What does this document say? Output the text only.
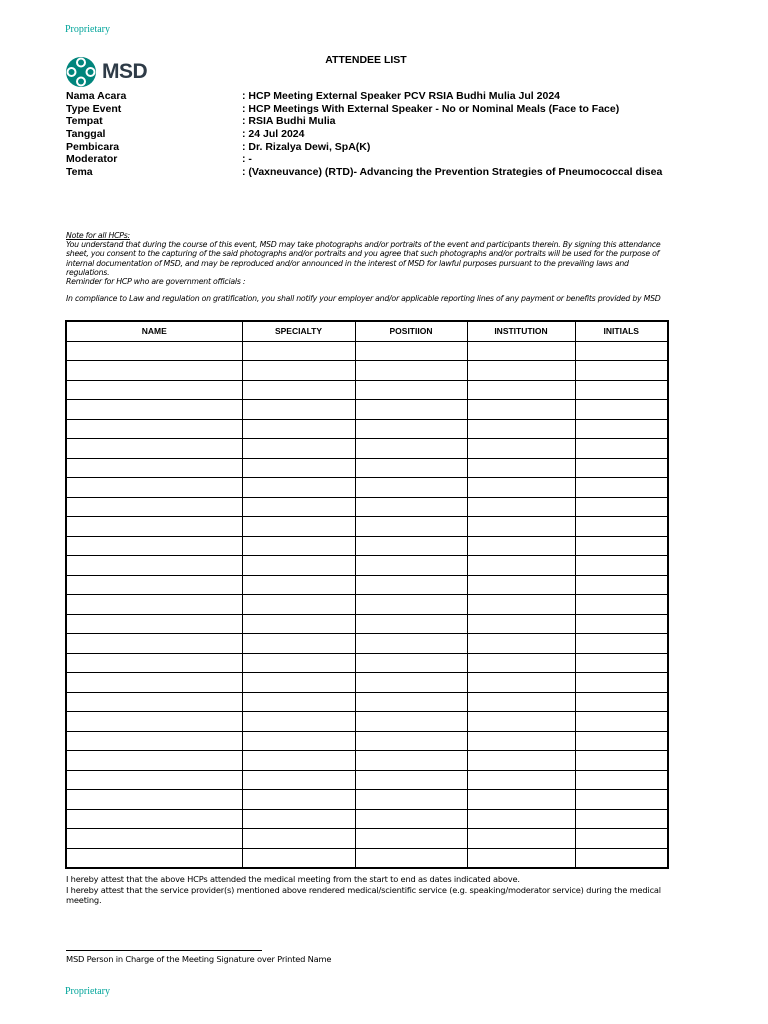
Proprietary
MSD	ATTENDEE LIST
Nama Acara	: HCP Meeting External Speaker PCV RSIA Budhi Mulia Jul 2024
Type Event	: HCP Meetings With External Speaker - No or Nominal Meals (Face to Face)
Tempat	: RSIA Budhi Mulia
Tanggal	: 24 Jul 2024
Pembicara	: Dr. Rizalya Dewi, SpA(K)
Moderator	: -
Tema	: (Vaxneuvance) (RTD)- Advancing the Prevention Strategies of Pneumococcal disea

Note for all HCPs:

You understand that during the course of this event, MSD may take photographs and/or portraits of the event and participants therein. By signing this attendance sheet, you consent to the capturing of the said photographs and/or portraits and you agree that such photographs and/or portraits will be used for the purpose of internal documentation of MSD, and may be reproduced and/or announced in the interest of MSD for lawful purposes pursuant to the prevailing laws and regulations.

Reminder for HCP who are government officials :

In compliance to Law and regulation on gratification, you shall notify your employer and/or applicable reporting lines of any payment or benefits provided by MSD

NAME	SPECIALTY	POSITIION	INSTITUTION	INITIALS

I hereby attest that the above HCPs attended the medical meeting from the start to end as dates indicated above.

I hereby attest that the service provider(s) mentioned above rendered medical/scientific service (e.g. speaking/moderator service) during the medical meeting.

MSD Person in Charge of the Meeting Signature over Printed Name
Proprietary
